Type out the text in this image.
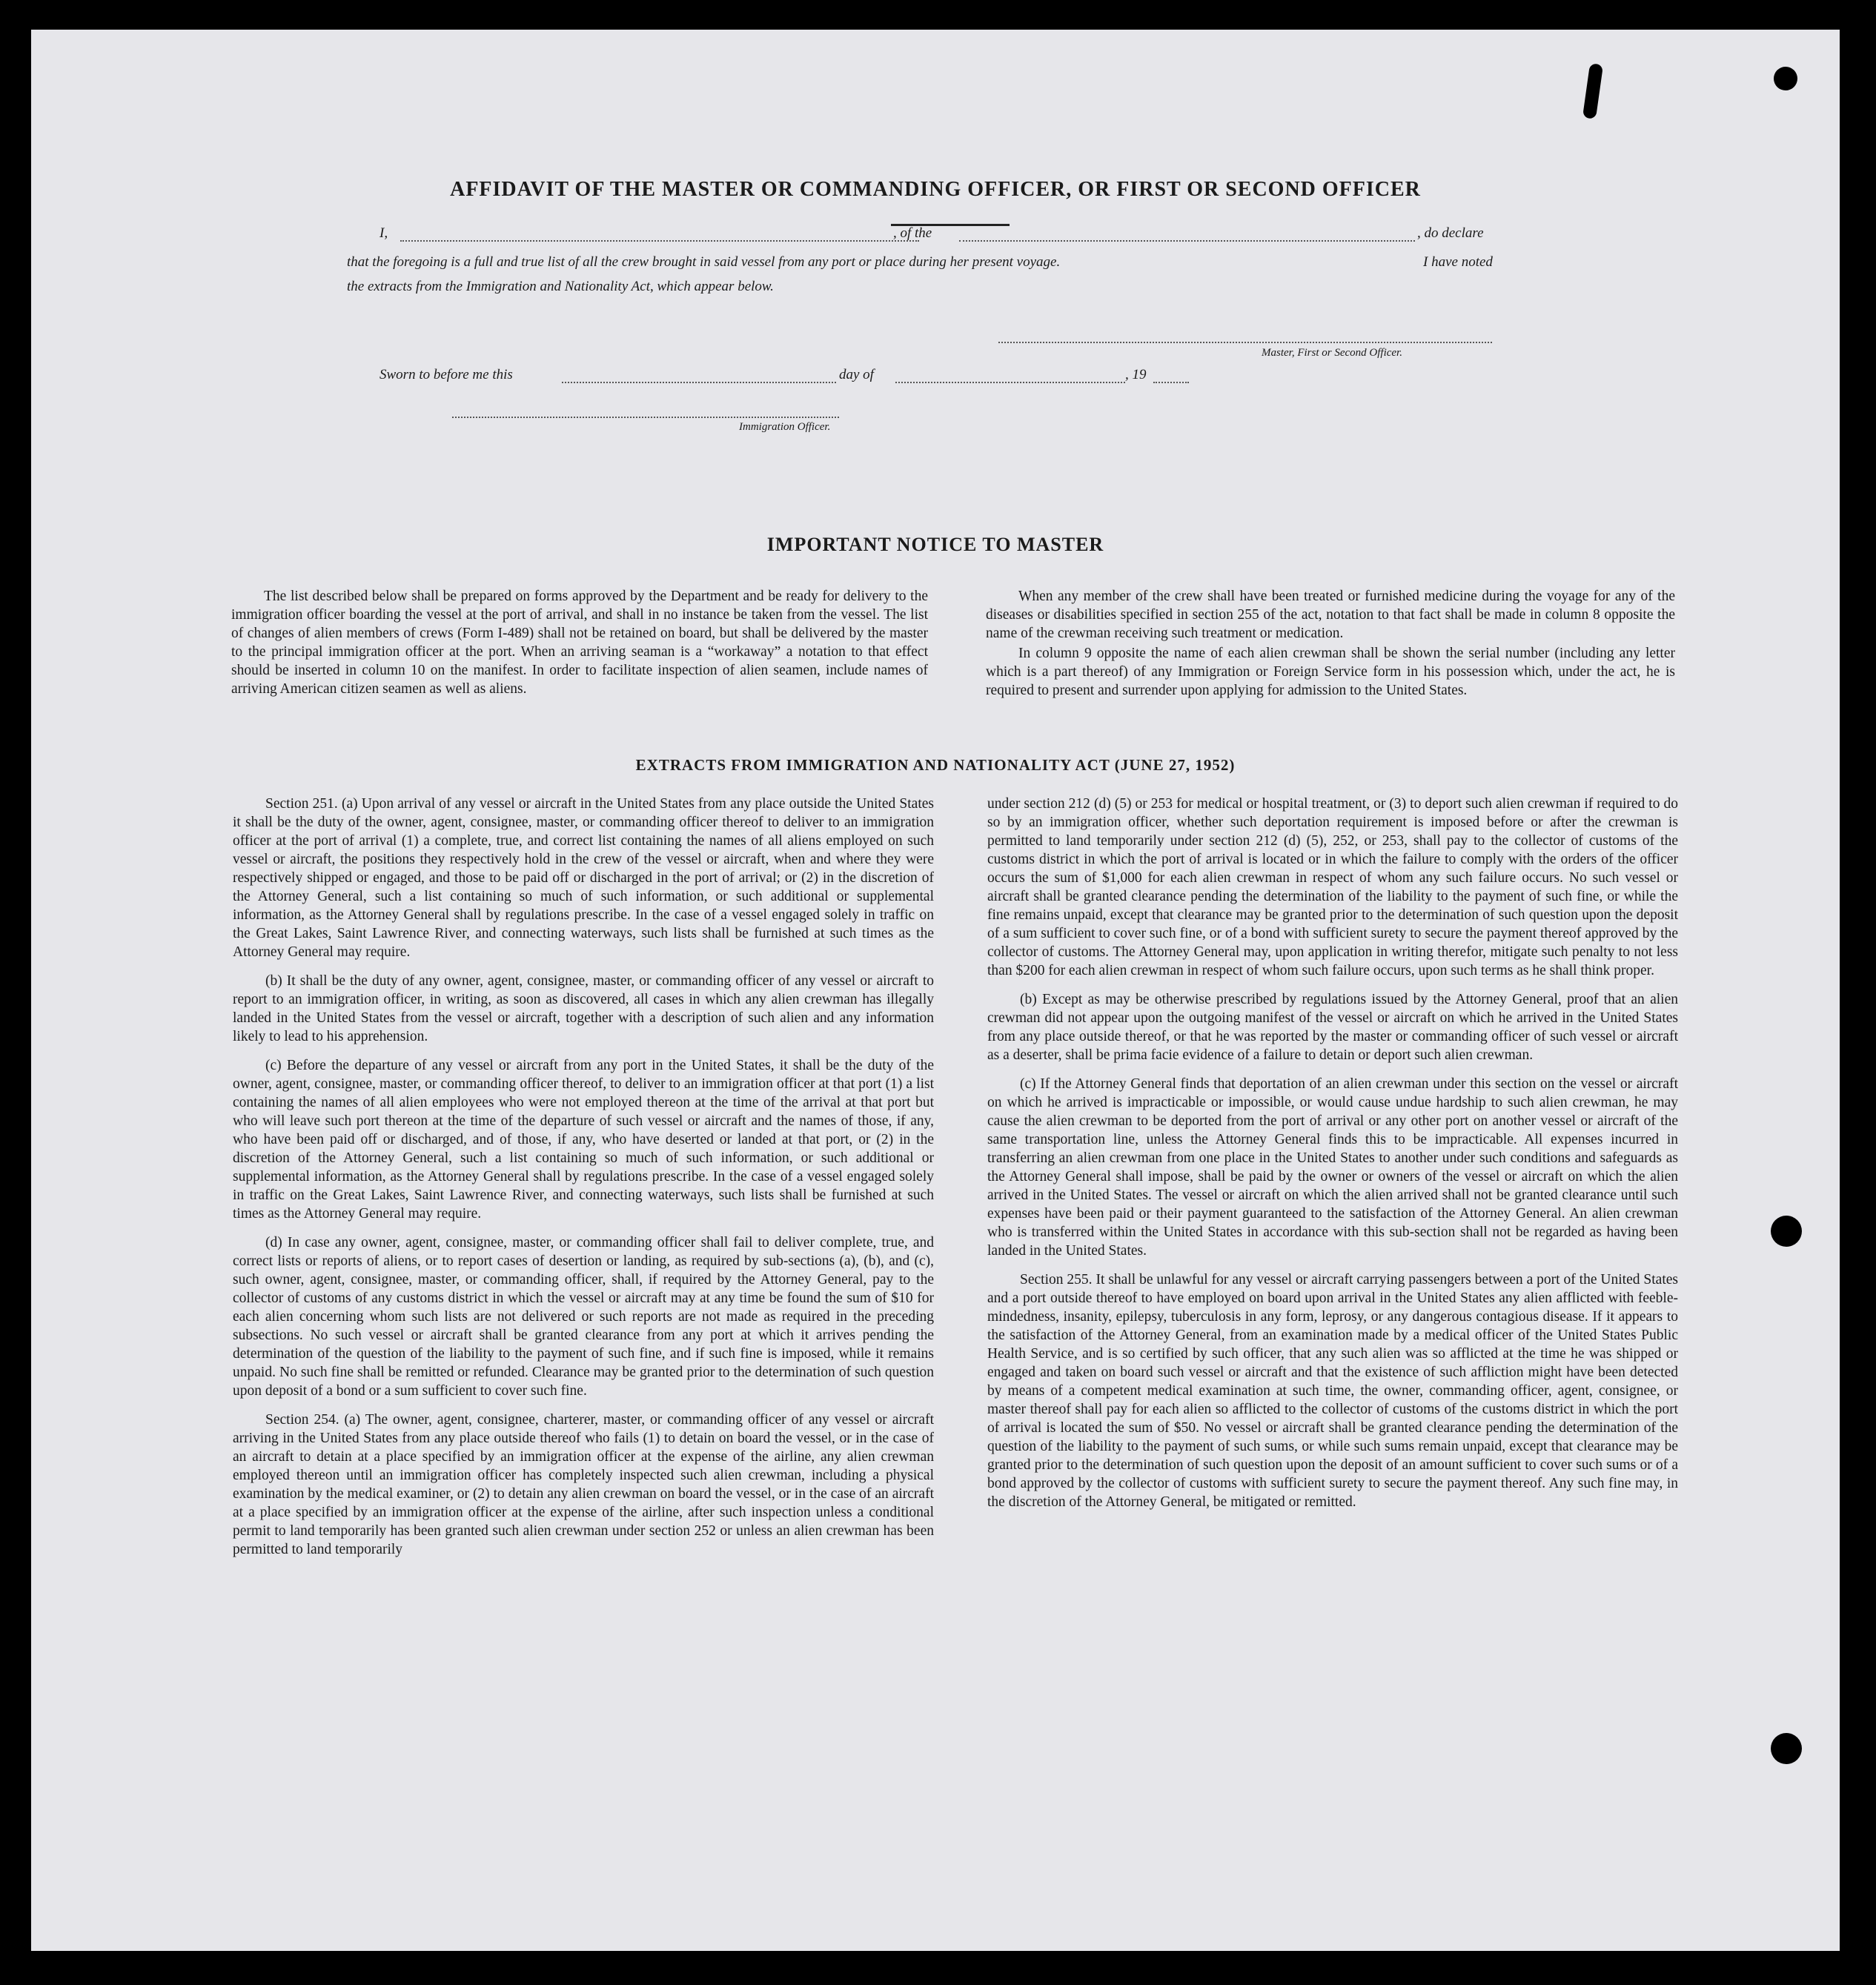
AFFIDAVIT OF THE MASTER OR COMMANDING OFFICER, OR FIRST OR SECOND OFFICER
I,	, of the	, do declare
that the foregoing is a full and true list of all the crew brought in said vessel from any port or place during her present voyage.	I have noted
the extracts from the Immigration and Nationality Act, which appear below.
Master, First or Second Officer.
Sworn to before me this	day of	, 19
Immigration Officer.
IMPORTANT NOTICE TO MASTER

The list described below shall be prepared on forms approved by the Department and be ready for delivery to the immigration officer boarding the vessel at the port of arrival, and shall in no instance be taken from the vessel. The list of changes of alien members of crews (Form I-489) shall not be retained on board, but shall be delivered by the master to the principal immigration officer at the port. When an arriving seaman is a “workaway” a notation to that effect should be inserted in column 10 on the manifest. In order to facilitate inspection of alien seamen, include names of arriving American citizen seamen as well as aliens.

When any member of the crew shall have been treated or furnished medicine during the voyage for any of the diseases or disabilities specified in section 255 of the act, notation to that fact shall be made in column 8 opposite the name of the crewman receiving such treatment or medication.

In column 9 opposite the name of each alien crewman shall be shown the serial number (including any letter which is a part thereof) of any Immigration or Foreign Service form in his possession which, under the act, he is required to present and surrender upon applying for admission to the United States.

EXTRACTS FROM IMMIGRATION AND NATIONALITY ACT (JUNE 27, 1952)

Section 251. (a) Upon arrival of any vessel or aircraft in the United States from any place outside the United States it shall be the duty of the owner, agent, consignee, master, or commanding officer thereof to deliver to an immigration officer at the port of arrival (1) a complete, true, and correct list containing the names of all aliens employed on such vessel or aircraft, the positions they respectively hold in the crew of the vessel or aircraft, when and where they were respectively shipped or engaged, and those to be paid off or discharged in the port of arrival; or (2) in the discretion of the Attorney General, such a list containing so much of such information, or such additional or supplemental information, as the Attorney General shall by regulations prescribe. In the case of a vessel engaged solely in traffic on the Great Lakes, Saint Lawrence River, and connecting waterways, such lists shall be furnished at such times as the Attorney General may require.

(b) It shall be the duty of any owner, agent, consignee, master, or commanding officer of any vessel or aircraft to report to an immigration officer, in writing, as soon as discovered, all cases in which any alien crewman has illegally landed in the United States from the vessel or aircraft, together with a description of such alien and any information likely to lead to his apprehension.

(c) Before the departure of any vessel or aircraft from any port in the United States, it shall be the duty of the owner, agent, consignee, master, or commanding officer thereof, to deliver to an immigration officer at that port (1) a list containing the names of all alien employees who were not employed thereon at the time of the arrival at that port but who will leave such port thereon at the time of the departure of such vessel or aircraft and the names of those, if any, who have been paid off or discharged, and of those, if any, who have deserted or landed at that port, or (2) in the discretion of the Attorney General, such a list containing so much of such information, or such additional or supplemental information, as the Attorney General shall by regulations prescribe. In the case of a vessel engaged solely in traffic on the Great Lakes, Saint Lawrence River, and connecting waterways, such lists shall be furnished at such times as the Attorney General may require.

(d) In case any owner, agent, consignee, master, or commanding officer shall fail to deliver complete, true, and correct lists or reports of aliens, or to report cases of desertion or landing, as required by sub-sections (a), (b), and (c), such owner, agent, consignee, master, or commanding officer, shall, if required by the Attorney General, pay to the collector of customs of any customs district in which the vessel or aircraft may at any time be found the sum of $10 for each alien concerning whom such lists are not delivered or such reports are not made as required in the preceding subsections. No such vessel or aircraft shall be granted clearance from any port at which it arrives pending the determination of the question of the liability to the payment of such fine, and if such fine is imposed, while it remains unpaid. No such fine shall be remitted or refunded. Clearance may be granted prior to the determination of such question upon deposit of a bond or a sum sufficient to cover such fine.

Section 254. (a) The owner, agent, consignee, charterer, master, or commanding officer of any vessel or aircraft arriving in the United States from any place outside thereof who fails (1) to detain on board the vessel, or in the case of an aircraft to detain at a place specified by an immigration officer at the expense of the airline, any alien crewman employed thereon until an immigration officer has completely inspected such alien crewman, including a physical examination by the medical examiner, or (2) to detain any alien crewman on board the vessel, or in the case of an aircraft at a place specified by an immigration officer at the expense of the airline, after such inspection unless a conditional permit to land temporarily has been granted such alien crewman under section 252 or unless an alien crewman has been permitted to land temporarily

under section 212 (d) (5) or 253 for medical or hospital treatment, or (3) to deport such alien crewman if required to do so by an immigration officer, whether such deportation requirement is imposed before or after the crewman is permitted to land temporarily under section 212 (d) (5), 252, or 253, shall pay to the collector of customs of the customs district in which the port of arrival is located or in which the failure to comply with the orders of the officer occurs the sum of $1,000 for each alien crewman in respect of whom any such failure occurs. No such vessel or aircraft shall be granted clearance pending the determination of the liability to the payment of such fine, or while the fine remains unpaid, except that clearance may be granted prior to the determination of such question upon the deposit of a sum sufficient to cover such fine, or of a bond with sufficient surety to secure the payment thereof approved by the collector of customs. The Attorney General may, upon application in writing therefor, mitigate such penalty to not less than $200 for each alien crewman in respect of whom such failure occurs, upon such terms as he shall think proper.

(b) Except as may be otherwise prescribed by regulations issued by the Attorney General, proof that an alien crewman did not appear upon the outgoing manifest of the vessel or aircraft on which he arrived in the United States from any place outside thereof, or that he was reported by the master or commanding officer of such vessel or aircraft as a deserter, shall be prima facie evidence of a failure to detain or deport such alien crewman.

(c) If the Attorney General finds that deportation of an alien crewman under this section on the vessel or aircraft on which he arrived is impracticable or impossible, or would cause undue hardship to such alien crewman, he may cause the alien crewman to be deported from the port of arrival or any other port on another vessel or aircraft of the same transportation line, unless the Attorney General finds this to be impracticable. All expenses incurred in transferring an alien crewman from one place in the United States to another under such conditions and safeguards as the Attorney General shall impose, shall be paid by the owner or owners of the vessel or aircraft on which the alien arrived in the United States. The vessel or aircraft on which the alien arrived shall not be granted clearance until such expenses have been paid or their payment guaranteed to the satisfaction of the Attorney General. An alien crewman who is transferred within the United States in accordance with this sub-section shall not be regarded as having been landed in the United States.

Section 255. It shall be unlawful for any vessel or aircraft carrying passengers between a port of the United States and a port outside thereof to have employed on board upon arrival in the United States any alien afflicted with feeble-mindedness, insanity, epilepsy, tuberculosis in any form, leprosy, or any dangerous contagious disease. If it appears to the satisfaction of the Attorney General, from an examination made by a medical officer of the United States Public Health Service, and is so certified by such officer, that any such alien was so afflicted at the time he was shipped or engaged and taken on board such vessel or aircraft and that the existence of such affliction might have been detected by means of a competent medical examination at such time, the owner, commanding officer, agent, consignee, or master thereof shall pay for each alien so afflicted to the collector of customs of the customs district in which the port of arrival is located the sum of $50. No vessel or aircraft shall be granted clearance pending the determination of the question of the liability to the payment of such sums, or while such sums remain unpaid, except that clearance may be granted prior to the determination of such question upon the deposit of an amount sufficient to cover such sums or of a bond approved by the collector of customs with sufficient surety to secure the payment thereof. Any such fine may, in the discretion of the Attorney General, be mitigated or remitted.
